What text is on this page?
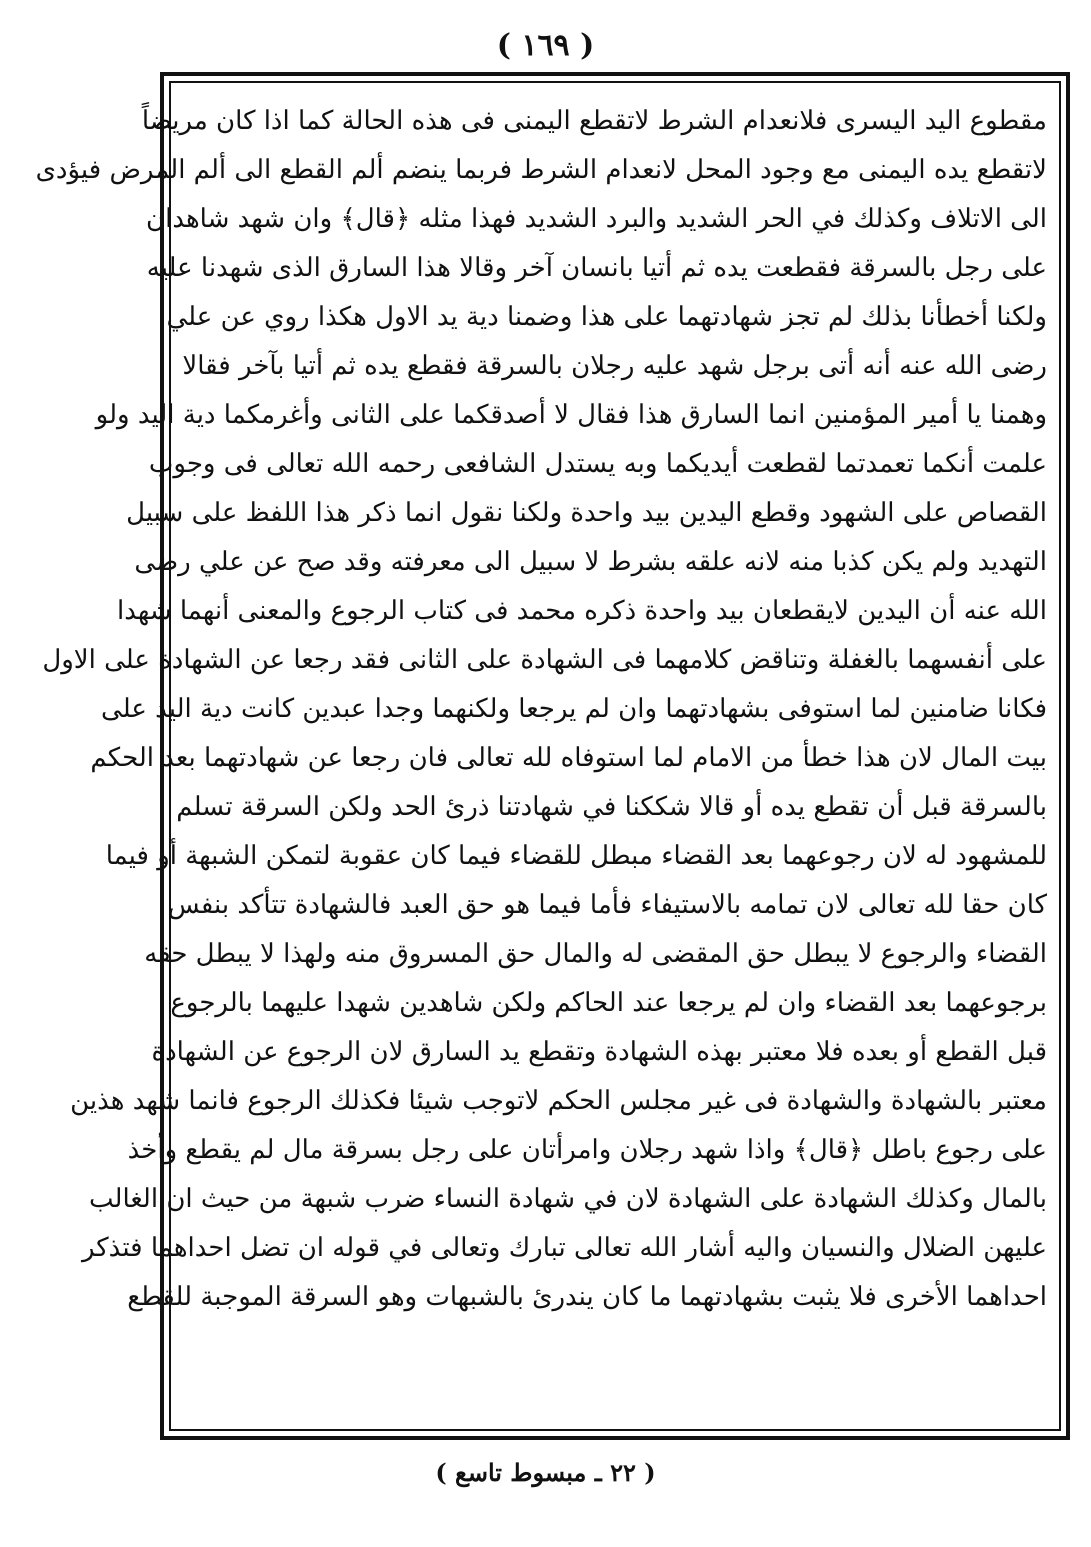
( ١٦٩ )
مقطوع اليد اليسرى فلانعدام الشرط لاتقطع اليمنى فى هذه الحالة كما اذا كان مريضاً
لاتقطع يده اليمنى مع وجود المحل لانعدام الشرط فربما ينضم ألم القطع الى ألم المرض فيؤدى
الى الاتلاف وكذلك في الحر الشديد والبرد الشديد فهذا مثله ﴿قال﴾ وان شهد شاهدان
على رجل بالسرقة فقطعت يده ثم أتيا بانسان آخر وقالا هذا السارق الذى شهدنا عليه
ولكنا أخطأنا بذلك لم تجز شهادتهما على هذا وضمنا دية يد الاول هكذا روي عن علي
رضى الله عنه أنه أتى برجل شهد عليه رجلان بالسرقة فقطع يده ثم أتيا بآخر فقالا
وهمنا يا أمير المؤمنين انما السارق هذا فقال لا أصدقكما على الثانى وأغرمكما دية اليد ولو
علمت أنكما تعمدتما لقطعت أيديكما وبه يستدل الشافعى رحمه الله تعالى فى وجوب
القصاص على الشهود وقطع اليدين بيد واحدة ولكنا نقول انما ذكر هذا اللفظ على سبيل
التهديد ولم يكن كذبا منه لانه علقه بشرط لا سبيل الى معرفته وقد صح عن علي رضى
الله عنه أن اليدين لايقطعان بيد واحدة ذكره محمد فى كتاب الرجوع والمعنى أنهما شهدا
على أنفسهما بالغفلة وتناقض كلامهما فى الشهادة على الثانى فقد رجعا عن الشهادة على الاول
فكانا ضامنين لما استوفى بشهادتهما وان لم يرجعا ولكنهما وجدا عبدين كانت دية اليد على
بيت المال لان هذا خطأ من الامام لما استوفاه لله تعالى فان رجعا عن شهادتهما بعد الحكم
بالسرقة قبل أن تقطع يده أو قالا شككنا في شهادتنا ذرئ الحد ولكن السرقة تسلم
للمشهود له لان رجوعهما بعد القضاء مبطل للقضاء فيما كان عقوبة لتمكن الشبهة أو فيما
كان حقا لله تعالى لان تمامه بالاستيفاء فأما فيما هو حق العبد فالشهادة تتأكد بنفس
القضاء والرجوع لا يبطل حق المقضى له والمال حق المسروق منه ولهذا لا يبطل حقه
برجوعهما بعد القضاء وان لم يرجعا عند الحاكم ولكن شاهدين شهدا عليهما بالرجوع
قبل القطع أو بعده فلا معتبر بهذه الشهادة وتقطع يد السارق لان الرجوع عن الشهادة
معتبر بالشهادة والشهادة فى غير مجلس الحكم لاتوجب شيئا فكذلك الرجوع فانما شهد هذين
على رجوع باطل ﴿قال﴾ واذا شهد رجلان وامرأتان على رجل بسرقة مال لم يقطع وأخذ
بالمال وكذلك الشهادة على الشهادة لان في شهادة النساء ضرب شبهة من حيث ان الغالب
عليهن الضلال والنسيان واليه أشار الله تعالى تبارك وتعالى في قوله ان تضل احداهما فتذكر
احداهما الأخرى فلا يثبت بشهادتهما ما كان يندرئ بالشبهات وهو السرقة الموجبة للقطع
( ٢٢ ـ مبسوط تاسع )
